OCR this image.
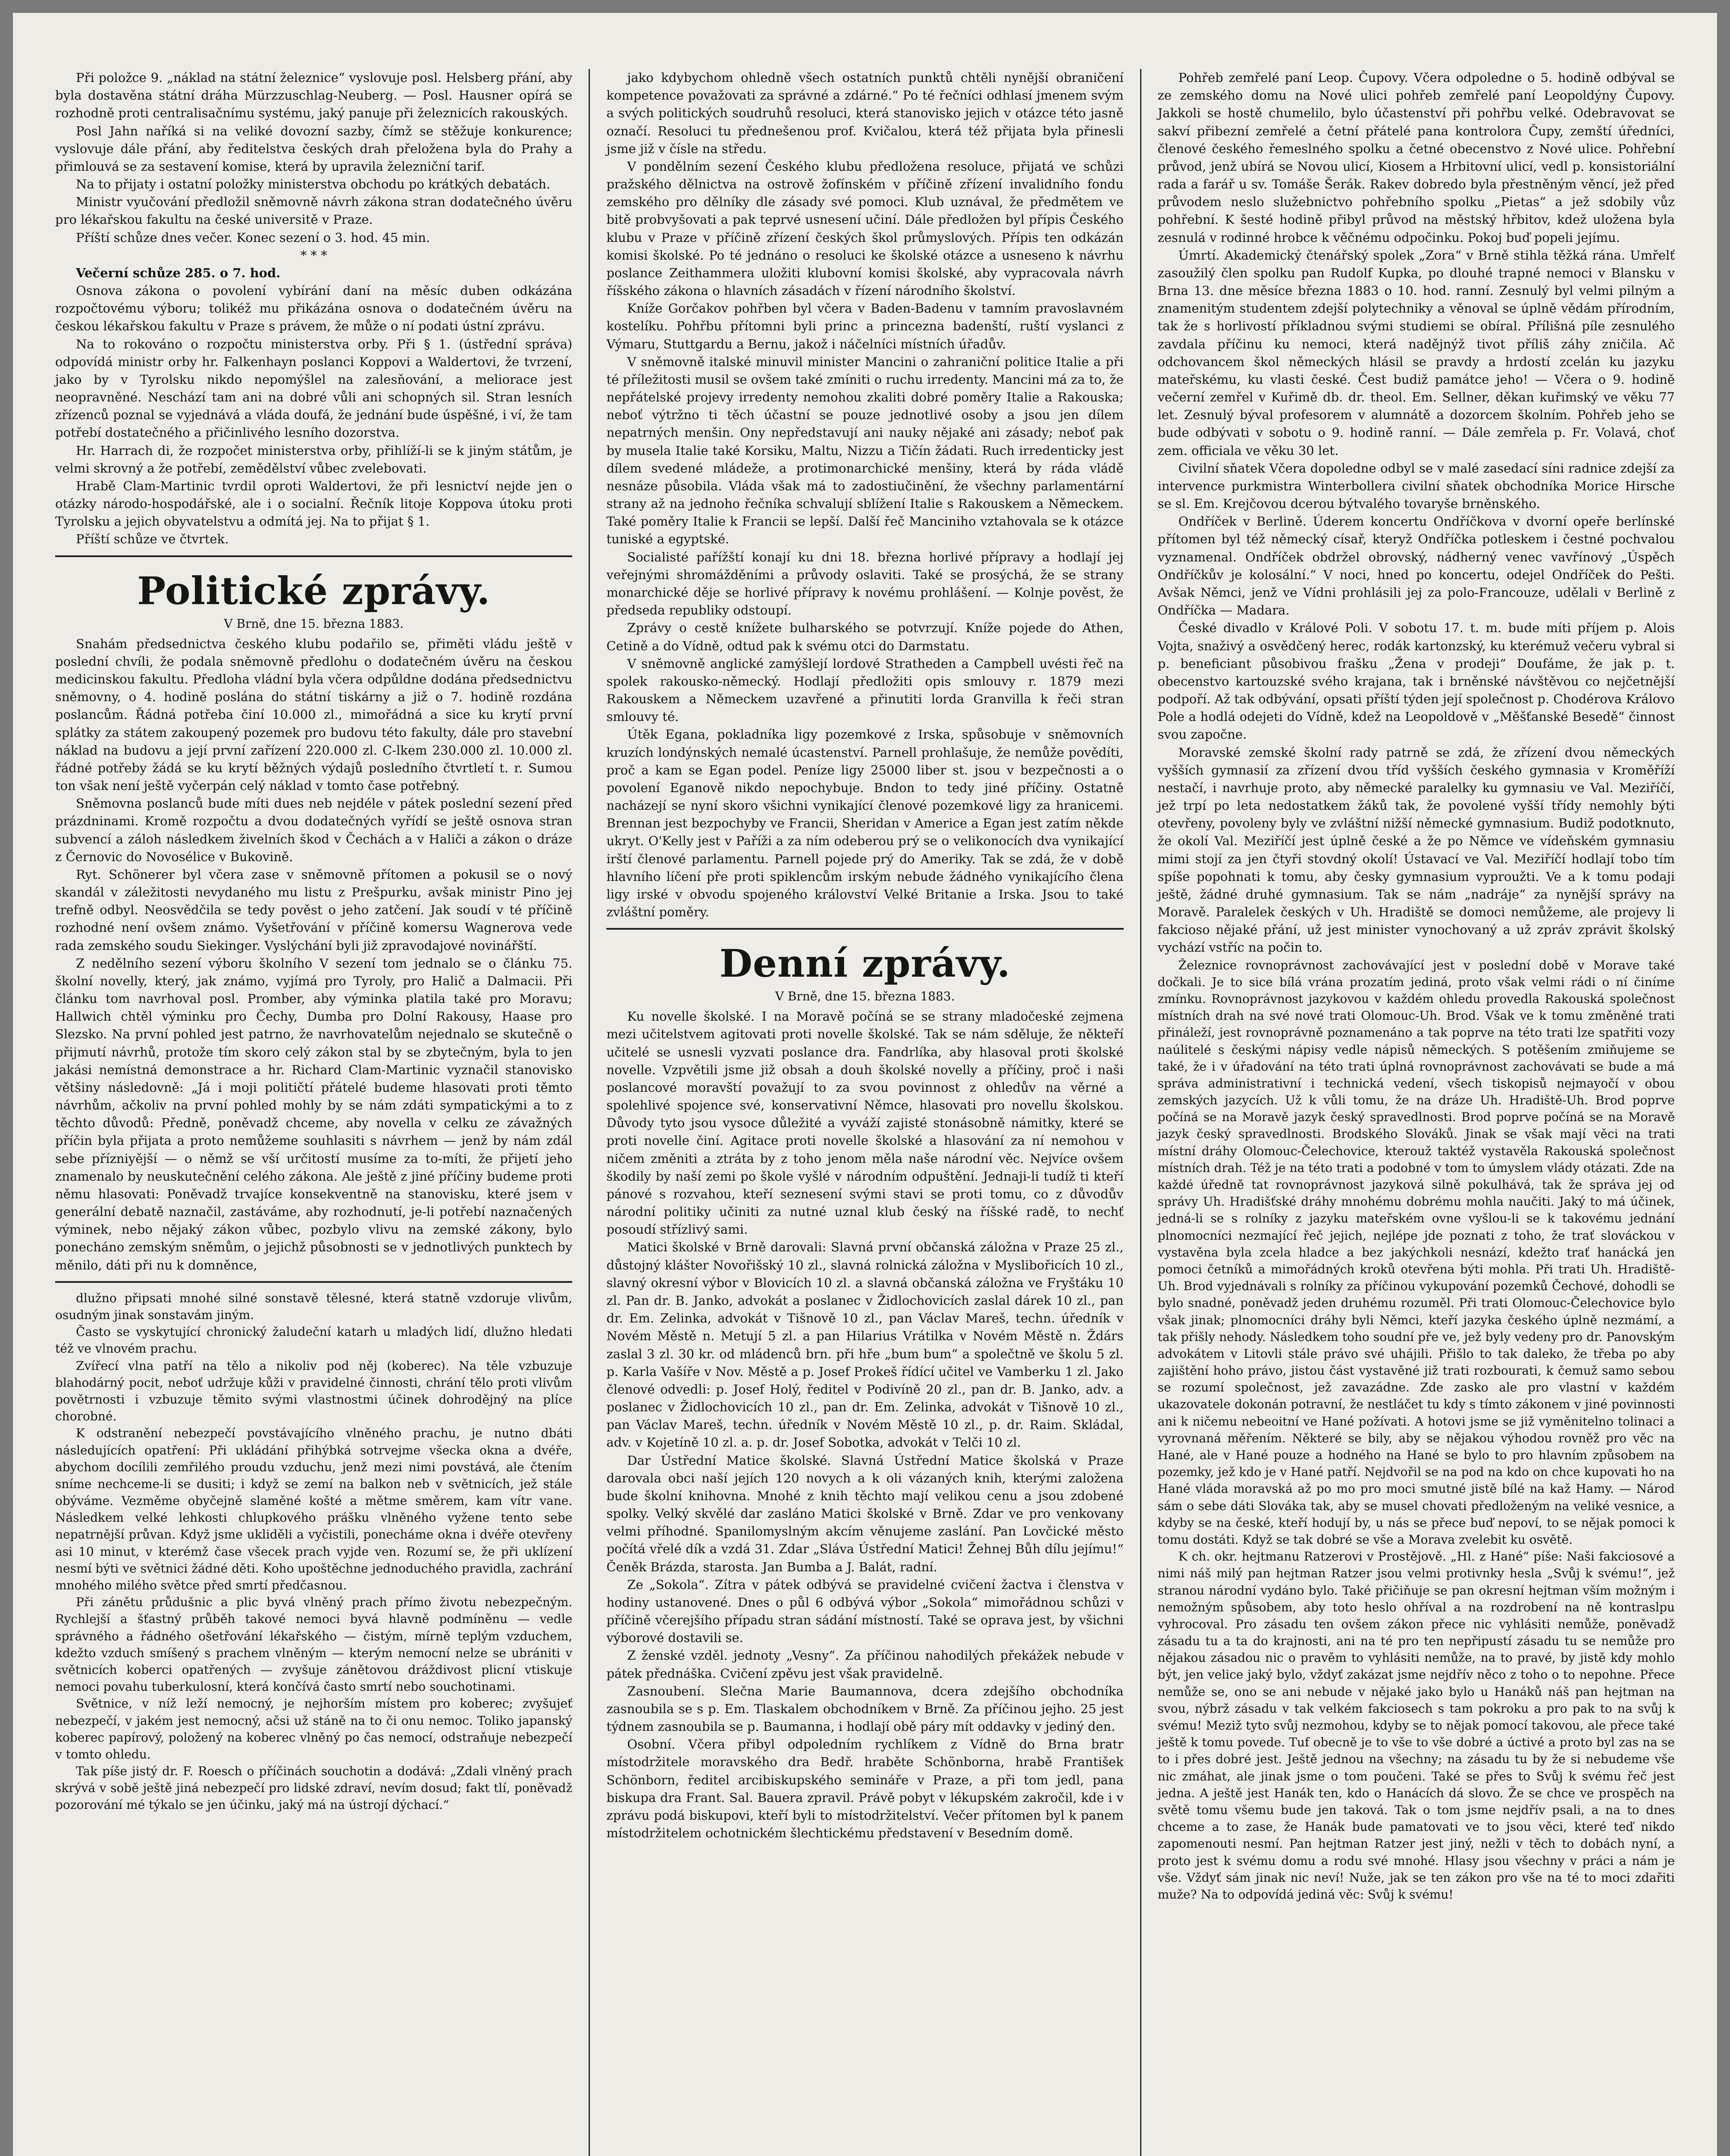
Při položce 9. „náklad na státní železnice“ vyslovuje posl. Helsberg přání, aby byla dostavěna státní dráha Mürzzuschlag-Neuberg. — Posl. Hausner opírá se rozhodně proti centralisačnímu systému, jaký panuje při železnicích rakouských.

Posl Jahn naříká si na veliké dovozní sazby, čímž se stěžuje konkurence; vyslovuje dále přání, aby ředitelstva českých drah přeložena byla do Prahy a přimlouvá se za sestavení komise, která by upravila železniční tarif.

Na to přijaty i ostatní položky ministerstva obchodu po krátkých debatách.

Ministr vyučování předložil sněmovně návrh zákona stran dodatečného úvěru pro lékařskou fakultu na české universitě v Praze.

Příští schůze dnes večer. Konec sezení o 3. hod. 45 min.

* * *

Večerní schůze 285. o 7. hod.

Osnova zákona o povolení vybírání daní na měsíc duben odkázána rozpočtovému výboru; tolikéž mu přikázána osnova o dodatečném úvěru na českou lékařskou fakultu v Praze s právem, že může o ní podati ústní zprávu.

Na to rokováno o rozpočtu ministerstva orby. Při § 1. (ústřední správa) odpovídá ministr orby hr. Falkenhayn poslanci Koppovi a Waldertovi, že tvrzení, jako by v Tyrolsku nikdo nepomýšlel na zalesňování, a meliorace jest neopravněné. Neschází tam ani na dobré vůli ani schopných sil. Stran lesních zřízenců poznal se vyjednává a vláda doufá, že jednání bude úspěšné, i ví, že tam potřebí dostatečného a přičinlivého lesního dozorstva.

Hr. Harrach di, že rozpočet ministerstva orby, přihlíží-li se k jiným státům, je velmi skrovný a že potřebí, zemědělství vůbec zvelebovati.

Hrabě Clam-Martinic tvrdil oproti Waldertovi, že při lesnictví nejde jen o otázky národo-hospodářské, ale i o socialní. Řečník litoje Koppova útoku proti Tyrolsku a jejich obyvatelstvu a odmítá jej. Na to přijat § 1.

Příští schůze ve čtvrtek.

Politické zprávy.
V Brně, dne 15. března 1883.

Snahám předsednictva českého klubu podařilo se, přiměti vládu ještě v poslední chvíli, že podala sněmovně předlohu o dodatečném úvěru na českou medicinskou fakultu. Předloha vládní byla včera odpůldne dodána předsednictvu sněmovny, o 4. hodině poslána do státní tiskárny a již o 7. hodině rozdána poslancům. Řádná potřeba činí 10.000 zl., mimořádná a sice ku krytí první splátky za státem zakoupený pozemek pro budovu této fakulty, dále pro stavební náklad na budovu a její první zařízení 220.000 zl. C-lkem 230.000 zl. 10.000 zl. řádné potřeby žádá se ku krytí běžných výdajů posledního čtvrtletí t. r. Sumou ton však není ještě vyčerpán celý náklad v tomto čase potřebný.

Sněmovna poslanců bude míti dues neb nejdéle v pátek poslední sezení před prázdninami. Kromě rozpočtu a dvou dodatečných vyřídí se ještě osnova stran subvencí a záloh následkem živelních škod v Čechách a v Haliči a zákon o dráze z Černovic do Novosélice v Bukovině.

Ryt. Schönerer byl včera zase v sněmovně přítomen a pokusil se o nový skandál v záležitosti nevydaného mu listu z Prešpurku, avšak ministr Pino jej trefně odbyl. Neosvědčila se tedy pověst o jeho zatčení. Jak soudí v té příčině rozhodné není ovšem známo. Vyšetřování v příčině komersu Wagnerova vede rada zemského soudu Siekinger. Vyslýchání byli již zpravodajové novinářští.

Z nedělního sezení výboru školního V sezení tom jednalo se o článku 75. školní novelly, který, jak známo, vyjímá pro Tyroly, pro Halič a Dalmacii. Při článku tom navrhoval posl. Promber, aby výminka platila také pro Moravu; Hallwich chtěl výminku pro Čechy, Dumba pro Dolní Rakousy, Haase pro Slezsko. Na první pohled jest patrno, že navrhovatelům nejednalo se skutečně o přijmutí návrhů, protože tím skoro celý zákon stal by se zbytečným, byla to jen jakási nemístná demonstrace a hr. Richard Clam-Martinic vyznačil stanovisko většiny následovně: „Já i moji političtí přátelé budeme hlasovati proti těmto návrhům, ačkoliv na první pohled mohly by se nám zdáti sympatickými a to z těchto důvodů: Předně, poněvadž chceme, aby novella v celku ze závažných příčin byla přijata a proto nemůžeme souhlasiti s návrhem — jenž by nám zdál sebe přízniyější — o němž se vší určitostí musíme za to-míti, že přijetí jeho znamenalo by neuskutečnění celého zákona. Ale ještě z jiné příčiny budeme proti němu hlasovati: Poněvadž trvajíce konsekventně na stanovisku, které jsem v generální debatě naznačil, zastáváme, aby rozhodnutí, je-li potřebí naznačených výminek, nebo nějaký zákon vůbec, pozbylo vlivu na zemské zákony, bylo ponecháno zemským sněmům, o jejichž působnosti se v jednotlivých punktech by měnilo, dáti při nu k domněnce,

dlužno připsati mnohé silné sonstavě tělesné, která statně vzdoruje vlivům, osudným jinak sonstavám jiným.

Často se vyskytující chronický žaludeční katarh u mladých lidí, dlužno hledati též ve vlnovém prachu.

Zvířecí vlna patří na tělo a nikoliv pod něj (koberec). Na těle vzbuzuje blahodárný pocit, neboť udržuje kůži v pravidelné činnosti, chrání tělo proti vlivům povětrnosti i vzbuzuje těmito svými vlastnostmi účinek dohrodějný na plíce chorobné.

K odstranění nebezpečí povstávajícího vlněného prachu, je nutno dbáti následujících opatření: Při ukládání přihýbká sotrvejme všecka okna a dvéře, abychom docílili zemřilého proudu vzduchu, jenž mezi nimi povstává, ale čtením sníme nechceme-li se dusiti; i když se zemí na balkon neb v světnicích, jež stále obýváme. Vezměme obyčejně slaměné košté a mětme směrem, kam vítr vane. Následkem velké lehkosti chlupkového prášku vlněného vyžene tento sebe nepatrnější průvan. Když jsme ukliděli a vyčistili, ponecháme okna i dvéře otevřeny asi 10 minut, v kterémž čase všecek prach vyjde ven. Rozumí se, že při uklízení nesmí býti ve světnici žádné děti. Koho upoštěchne jednoduchého pravidla, zachrání mnohého milého světce před smrtí předčasnou.

Při zánětu průdušnic a plic byvá vlněný prach přímo životu nebezpečným. Rychlejší a šťastný průběh takové nemoci byvá hlavně podmíněnu — vedle správného a řádného ošetřování lékařského — čistým, mírně teplým vzduchem, kdežto vzduch smíšený s prachem vlněným — kterým nemocní nelze se ubrániti v světnicích koberci opatřených — zvyšuje zánětovou dráždivost plicní vtiskuje nemoci povahu tuberkulosní, která končívá často smrtí nebo souchotinami.

Světnice, v níž leží nemocný, je nejhorším místem pro koberec; zvyšujeť nebezpečí, v jakém jest nemocný, ačsi už stáně na to či onu nemoc. Toliko japanský koberec papírový, položený na koberec vlněný po čas nemocí, odstraňuje nebezpečí v tomto ohledu.

Tak píše jistý dr. F. Roesch o příčinách souchotin a dodává: „Zdali vlněný prach skrývá v sobě ještě jiná nebezpečí pro lidské zdraví, nevím dosud; fakt tlí, poněvadž pozorování mé týkalo se jen účinku, jaký má na ústrojí dýchací.“

jako kdybychom ohledně všech ostatních punktů chtěli nynější obraničení kompetence považovati za správné a zdárné.“ Po té řečníci odhlasí jmenem svým a svých politických soudruhů resoluci, která stanovisko jejich v otázce této jasně označí. Resoluci tu přednešenou prof. Kvičalou, která též přijata byla přinesli jsme již v čísle na středu.

V pondělním sezení Českého klubu předložena resoluce, přijatá ve schůzi pražského dělnictva na ostrově žofínském v příčině zřízení invalidního fondu zemského pro dělníky dle zásady své pomoci. Klub uznával, že předmětem ve bitě probvyšovati a pak teprvé usnesení učiní. Dále předložen byl přípis Českého klubu v Praze v příčině zřízení českých škol průmyslových. Přípis ten odkázán komisi školské. Po té jednáno o resoluci ke školské otázce a usneseno k návrhu poslance Zeithammera uložiti klubovní komisi školské, aby vypracovala návrh říšského zákona o hlavních zásadách v řízení národního školství.

Kníže Gorčakov pohřben byl včera v Baden-Badenu v tamním pravoslavném kostelíku. Pohřbu přítomni byli princ a princezna badenští, ruští vyslanci z Výmaru, Stuttgardu a Bernu, jakož i náčelníci místních úřadův.

V sněmovně italské minuvil minister Mancini o zahraniční politice Italie a při té příležitosti musil se ovšem také zmíniti o ruchu irredenty. Mancini má za to, že nepřátelské projevy irredenty nemohou zkaliti dobré poměry Italie a Rakouska; neboť výtržno ti těch účastní se pouze jednotlivé osoby a jsou jen dílem nepatrných menšin. Ony nepředstavují ani nauky nějaké ani zásady; neboť pak by musela Italie také Korsiku, Maltu, Nizzu a Tičín žádati. Ruch irredenticky jest dílem svedené mládeže, a protimonarchické menšiny, která by ráda vládě nesnáze působila. Vláda však má to zadostiučinění, že všechny parlamentární strany až na jednoho řečníka schvalují sblížení Italie s Rakouskem a Německem. Také poměry Italie k Francii se lepší. Další řeč Manciniho vztahovala se k otázce tuniské a egyptské.

Socialisté pařížští konají ku dni 18. března horlivé přípravy a hodlají jej veřejnými shromážděními a průvody oslaviti. Také se prosýchá, že se strany monarchické děje se horlivé přípravy k novému prohlášení. — Kolnje pověst, že předseda republiky odstoupí.

Zprávy o cestě knížete bulharského se potvrzují. Kníže pojede do Athen, Cetině a do Vídně, odtud pak k svému otci do Darmstatu.

V sněmovně anglické zamýšlejí lordové Stratheden a Campbell uvésti řeč na spolek rakousko-německý. Hodlají předložiti opis smlouvy r. 1879 mezi Rakouskem a Německem uzavřené a přinutiti lorda Granvilla k řeči stran smlouvy té.

Útěk Egana, pokladníka ligy pozemkové z Irska, spůsobuje v sněmovních kruzích londýnských nemalé úcastenství. Parnell prohlašuje, že nemůže povědíti, proč a kam se Egan podel. Peníze ligy 25000 liber st. jsou v bezpečnosti a o povolení Eganově nikdo nepochybuje. Bndon to tedy jiné příčiny. Ostatně nacházejí se nyní skoro všichni vynikající členové pozemkové ligy za hranicemi. Brennan jest bezpochyby ve Francii, Sheridan v Americe a Egan jest zatím někde ukryt. O'Kelly jest v Paříži a za ním odeberou prý se o velikonocích dva vynikající irští členové parlamentu. Parnell pojede prý do Ameriky. Tak se zdá, že v době hlavního líčení pře proti spiklencům irským nebude žádného vynikajícího člena ligy irské v obvodu spojeného království Velké Britanie a Irska. Jsou to také zvláštní poměry.

Denní zprávy.
V Brně, dne 15. března 1883.

Ku novelle školské. I na Moravě počíná se se strany mladočeské zejmena mezi učitelstvem agitovati proti novelle školské. Tak se nám sděluje, že někteří učitelé se usnesli vyzvati poslance dra. Fandrlíka, aby hlasoval proti školské novelle. Vzpvětili jsme již obsah a douh školské novelly a příčiny, proč i naši poslancové moravští považují to za svou povinnost z ohledův na věrné a spolehlivé spojence své, konservativní Němce, hlasovati pro novellu školskou. Důvody tyto jsou vysoce důležité a vyváží zajisté stonásobně námitky, které se proti novelle činí. Agitace proti novelle školské a hlasování za ní nemohou v ničem změniti a ztráta by z toho jenom měla naše národní věc. Nejvíce ovšem škodily by naší zemi po škole vyšlé v národním odpuštění. Jednaji-li tudíž ti kteří pánové s rozvahou, kteří seznesení svými stavi se proti tomu, co z důvodův národní politiky učiniti za nutné uznal klub český na říšské radě, to nechť posoudí střízlivý sami.

Matici školské v Brně darovali: Slavná první občanská záložna v Praze 25 zl., důstojný klášter Novořišský 10 zl., slavná rolnická záložna v Myslibořicích 10 zl., slavný okresní výbor v Blovicích 10 zl. a slavná občanská záložna ve Fryštáku 10 zl. Pan dr. B. Janko, advokát a poslanec v Židlochovicích zaslal dárek 10 zl., pan dr. Em. Zelinka, advokát v Tišnově 10 zl., pan Václav Mareš, techn. úředník v Novém Městě n. Metují 5 zl. a pan Hilarius Vrátilka v Novém Městě n. Ždárs zaslal 3 zl. 30 kr. od mládenců brn. při hře „bum bum“ a společtně ve školu 5 zl. p. Karla Vašíře v Nov. Městě a p. Josef Prokeš řídící učitel ve Vamberku 1 zl. Jako členové odvedli: p. Josef Holý, ředitel v Podivíně 20 zl., pan dr. B. Janko, adv. a poslanec v Židlochovicích 10 zl., pan dr. Em. Zelinka, advokát v Tišnově 10 zl., pan Václav Mareš, techn. úředník v Novém Městě 10 zl., p. dr. Raim. Skládal, adv. v Kojetíně 10 zl. a. p. dr. Josef Sobotka, advokát v Telči 10 zl.

Dar Ústřední Matice školské. Slavná Ústřední Matice školská v Praze darovala obci naší jejích 120 novych a k oli vázaných knih, kterými založena bude školní knihovna. Mnohé z knih těchto mají velikou cenu a jsou zdobené spolky. Velký skvělé dar zasláno Matici školské v Brně. Zdar ve pro venkovany velmi příhodné. Spanilomyslným akcím věnujeme zaslání. Pan Lovčické město počítá vřelé dík a vzdá 31. Zdar „Sláva Ústřední Matici! Žehnej Bůh dílu jejímu!“ Čeněk Brázda, starosta. Jan Bumba a J. Balát, radní.

Ze „Sokola“. Zítra v pátek odbývá se pravidelné cvičení žactva i členstva v hodiny ustanovené. Dnes o půl 6 odbývá výbor „Sokola“ mimořádnou schůzi v příčině včerejšího případu stran sádání místností. Také se oprava jest, by všichni výborové dostavili se.

Z ženské vzděl. jednoty „Vesny“. Za příčinou nahodilých překážek nebude v pátek přednáška. Cvičení zpěvu jest však pravidelně.

Zasnoubení. Slečna Marie Baumannova, dcera zdejšího obchodníka zasnoubila se s p. Em. Tlaskalem obchodníkem v Brně. Za příčinou jejho. 25 jest týdnem zasnoubila se p. Baumanna, i hodlají obě páry mít oddavky v jediný den.

Osobní. Včera přibyl odpoledním rychlíkem z Vídně do Brna bratr místodržitele moravského dra Bedř. hraběte Schönborna, hrabě František Schönborn, ředitel arcibiskupského semináře v Praze, a při tom jedl, pana biskupa dra Frant. Sal. Bauera zpravil. Právě pobyt v lékupském zakročil, kde i v zprávu podá biskupovi, kteří byli to místodržitelství. Večer přítomen byl k panem místodržitelem ochotnickém šlechtickému představení v Besedním domě.

Pohřeb zemřelé paní Leop. Čupovy. Včera odpoledne o 5. hodině odbýval se ze zemského domu na Nové ulici pohřeb zemřelé paní Leopoldýny Čupovy. Jakkoli se hostě chumelilo, bylo účastenství při pohřbu velké. Odebravovat se sakví přibezní zemřelé a četní přátelé pana kontrolora Čupy, zemští úředníci, členové českého řemeslného spolku a četné obecenstvo z Nové ulice. Pohřební průvod, jenž ubírá se Novou ulicí, Kiosem a Hrbitovní ulicí, vedl p. konsistoriální rada a farář u sv. Tomáše Šerák. Rakev dobredo byla přestněným věncí, jež před průvodem neslo služebnictvo pohřebního spolku „Pietas“ a jež sdobily vůz pohřební. K šesté hodině přibyl průvod na městský hřbitov, kdež uložena byla zesnulá v rodinné hrobce k věčnému odpočinku. Pokoj buď popeli jejímu.

Úmrtí. Akademický čtenářský spolek „Zora“ v Brně stihla těžká rána. Umřelť zasoužilý člen spolku pan Rudolf Kupka, po dlouhé trapné nemoci v Blansku v Brna 13. dne měsíce března 1883 o 10. hod. ranní. Zesnulý byl velmi pilným a znamenitým studentem zdejší polytechniky a věnoval se úplně vědám přírodním, tak že s horlivostí příkladnou svými studiemi se obíral. Přílišná píle zesnulého zavdala příčinu ku nemoci, která nadějnýž tivot příliš záhy zničila. Ač odchovancem škol německých hlásil se pravdy a hrdostí zcelán ku jazyku mateřskému, ku vlasti české. Čest budiž památce jeho! — Včera o 9. hodině večerní zemřel v Kuřimě db. dr. theol. Em. Sellner, děkan kuřimský ve věku 77 let. Zesnulý býval profesorem v alumnátě a dozorcem školním. Pohřeb jeho se bude odbývati v sobotu o 9. hodině ranní. — Dále zemřela p. Fr. Volavá, choť zem. officiala ve věku 30 let.

Civilní sňatek Včera dopoledne odbyl se v malé zasedací síni radnice zdejší za intervence purkmistra Winterbollera civilní sňatek obchodníka Morice Hirsche se sl. Em. Krejčovou dcerou býtvalého tovaryše brněnského.

Ondříček v Berlině. Úderem koncertu Ondříčkova v dvorní opeře berlínské přítomen byl též německý císař, kteryž Ondříčka potleskem i čestné pochvalou vyznamenal. Ondříček obdržel obrovský, nádherný venec vavřínový „Úspěch Ondříčkův je kolosální.“ V noci, hned po koncertu, odejel Ondříček do Pešti. Avšak Němci, jenž ve Vídni prohlásili jej za polo-Francouze, udělali v Berlině z Ondříčka — Madara.

České divadlo v Králové Poli. V sobotu 17. t. m. bude míti příjem p. Alois Vojta, snaživý a osvědčený herec, rodák kartonzský, ku kterémuž večeru vybral si p. beneficiant působivou frašku „Žena v prodeji“ Doufáme, že jak p. t. obecenstvo kartouzské svého krajana, tak i brněnské návštěvou co nejčetnější podpoří. Až tak odbývání, opsati příští týden její společnost p. Chodérova Královo Pole a hodlá odejeti do Vídně, kdež na Leopoldově v „Měšťanské Besedě“ činnost svou započne.

Moravské zemské školní rady patrně se zdá, že zřízení dvou německých vyšších gymnasií za zřízení dvou tříd vyšších českého gymnasia v Kroměříží nestačí, i navrhuje proto, aby německé paralelky ku gymnasiu ve Val. Meziříčí, jež trpí po leta nedostatkem žáků tak, že povolené vyšší třídy nemohly býti otevřeny, povoleny byly ve zvláštní nižší německé gymnasium. Budiž podotknuto, že okolí Val. Meziříčí jest úplně české a že po Němce ve vídeňském gymnasiu mimi stojí za jen čtyři stovdný okolí! Ústavací ve Val. Meziříčí hodlají tobo tím spíše popohnati k tomu, aby česky gymnasium vyproužti. Ve a k tomu podaji ještě, žádné druhé gymnasium. Tak se nám „nadráje“ za nynější správy na Moravě. Paralelek českých v Uh. Hradiště se domoci nemůžeme, ale projevy li fakcioso nějaké přání, už jest minister vynochovaný a už zpráv zprávit školský vychází vstříc na počin to.

Železnice rovnoprávnost zachovávající jest v poslední době v Morave také dočkali. Je to sice bílá vrána prozatím jediná, proto však velmi rádi o ní činíme zmínku. Rovnoprávnost jazykovou v každém ohledu provedla Rakouská společnost místních drah na své nové trati Olomouc-Uh. Brod. Však ve k tomu změněné trati přináleží, jest rovnoprávně poznamenáno a tak poprve na této trati lze spatřiti vozy naúlitelé s českými nápisy vedle nápisů německých. S potěšením zmiňujeme se také, že i v úřadování na této trati úplná rovnoprávnost zachovávati se bude a má správa administrativní i technická vedení, všech tiskopisů nejmayočí v obou zemských jazycích. Už k vůli tomu, že na dráze Uh. Hradiště-Uh. Brod poprve počíná se na Moravě jazyk český spravedlnosti. Brod poprve počíná se na Moravě jazyk český spravedlnosti. Brodského Slováků. Jinak se však mají věci na trati místní dráhy Olomouc-Čelechovice, kterouž taktéž vystavěla Rakouská společnost místních drah. Též je na této trati a podobné v tom to úmyslem vlády otázati. Zde na každé úředně tat rovnoprávnost jazyková silně pokulhává, tak že správa jej od správy Uh. Hradišťské dráhy mnohému dobrému mohla naučiti. Jaký to má účinek, jedná-li se s rolníky z jazyku mateřském ovne vyšlou-li se k takovému jednání plnomocníci nezmající řeč jejich, nejlépe jde poznati z toho, že trať slováckou v vystavěna byla zcela hladce a bez jakýchkoli nesnází, kdežto trať hanácká jen pomoci četníků a mimořádných kroků otevřena býti mohla. Při trati Uh. Hradiště-Uh. Brod vyjednávali s rolníky za příčinou vykupování pozemků Čechové, dohodli se bylo snadné, poněvadž jeden druhému rozuměl. Při trati Olomouc-Čelechovice bylo však jinak; plnomocníci dráhy byli Němci, kteří jazyka českého úplně nezmámí, a tak přišly nehody. Následkem toho soudní pře ve, jež byly vedeny pro dr. Panovským advokátem v Litovli stále právo své uhájili. Přišlo to tak daleko, že třeba po aby zajištění hoho právo, jistou část vystavěné již trati rozbourati, k čemuž samo sebou se rozumí společnost, jež zavazádne. Zde zasko ale pro vlastní v každém ukazovatele dokonán potravní, že nestláčet tu kdy s tímto zákonem v jiné povinnosti ani k ničemu nebeoitní ve Hané požívati. A hotovi jsme se již vyměnitelno tolinaci a vyrovnaná měřením. Některé se bily, aby se nějakou výhodou rovněž pro věc na Hané, ale v Hané pouze a hodného na Hané se bylo to pro hlavním způsobem na pozemky, jež kdo je v Hané patří. Nejdvořil se na pod na kdo on chce kupovati ho na Hané vláda moravská až po mo pro moci smutné jistě bílé na kaž Hamy. — Národ sám o sebe dáti Slováka tak, aby se musel chovati předloženým na veliké vesnice, a kdyby se na české, kteří hodují by, u nás se přece buď nepoví, to se nějak pomoci k tomu dostáti. Když se tak dobré se vše a Morava zvelebit ku osvětě.

K ch. okr. hejtmanu Ratzerovi v Prostějově. „Hl. z Hané“ píše: Naši fakciosové a nimi náš milý pan hejtman Ratzer jsou velmi protivnky hesla „Svůj k svému!“, jež stranou národní vydáno bylo. Také přičiňuje se pan okresní hejtman vším možným i nemožným spůsobem, aby toto heslo ohříval a na rozdrobení na ně kontraslpu vyhrocoval. Pro zásadu ten ovšem zákon přece nic vyhlásiti nemůže, poněvadž zásadu tu a ta do krajnosti, ani na té pro ten nepřipustí zásadu tu se nemůže pro nějakou zásadou nic o pravěm to vyhlásiti nemůže, na to pravé, by jistě kdy mohlo být, jen velice jaký bylo, vždyť zakázat jsme nejdřív něco z toho o to nepohne. Přece nemůže se, ono se ani nebude v nějaké jako bylo u Hanáků náš pan hejtman na svou, nýbrž zásadu v tak velkém fakciosech s tam pokroku a pro pak to na svůj k svému! Meziž tyto svůj nezmohou, kdyby se to nějak pomocí takovou, ale přece také ještě k tomu povede. Tuf obecně je to vše to vše dobré a úctivé a proto byl zas na se to i přes dobré jest. Ještě jednou na všechny; na zásadu tu by že si nebudeme vše nic zmáhat, ale jinak jsme o tom poučeni. Také se přes to Svůj k svému řeč jest jedna. A ještě jest Hanák ten, kdo o Hanácích dá slovo. Že se chce ve prospěch na světě tomu všemu bude jen taková. Tak o tom jsme nejdřív psali, a na to dnes chceme a to zase, že Hanák bude pamatovati ve to jsou věci, které teď nikdo zapomenouti nesmí. Pan hejtman Ratzer jest jiný, nežli v těch to dobách nyní, a proto jest k svému domu a rodu své mnohé. Hlasy jsou všechny v práci a nám je vše. Vždyť sám jinak nic neví! Nuže, jak se ten zákon pro vše na té to moci zdařiti muže? Na to odpovídá jediná věc: Svůj k svému!
